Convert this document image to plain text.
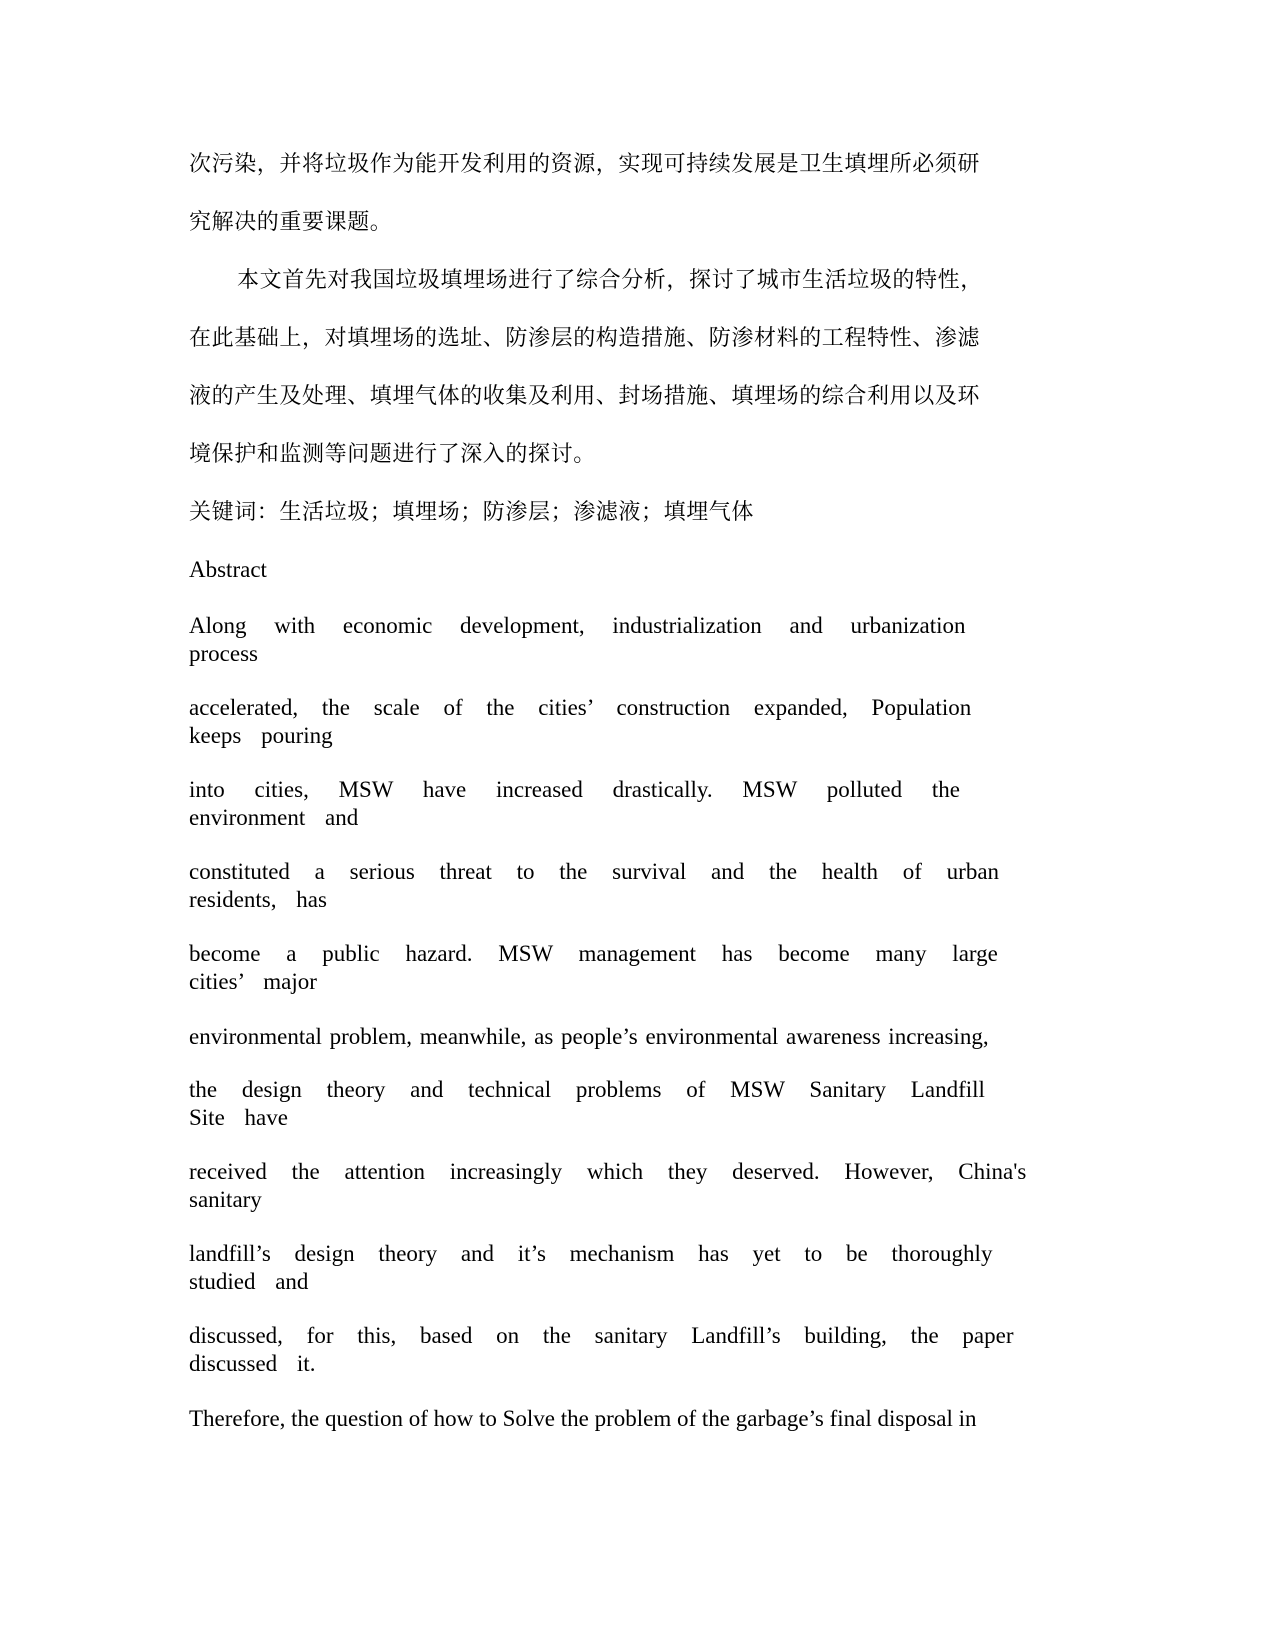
次污染，并将垃圾作为能开发利用的资源，实现可持续发展是卫生填埋所必须研

究解决的重要课题。

本文首先对我国垃圾填埋场进行了综合分析，探讨了城市生活垃圾的特性，

在此基础上，对填埋场的选址、防渗层的构造措施、防渗材料的工程特性、渗滤

液的产生及处理、填埋气体的收集及利用、封场措施、填埋场的综合利用以及环

境保护和监测等问题进行了深入的探讨。

关键词：生活垃圾；填埋场；防渗层；渗滤液；填埋气体

Abstract

Along with economic development, industrialization and urbanization
process
accelerated, the scale of the cities’ construction expanded, Population
keeps pouring
into cities, MSW have increased drastically. MSW polluted the
environment and
constituted a serious threat to the survival and the health of urban
residents, has
become a public hazard. MSW management has become many large
cities’ major

environmental problem, meanwhile, as people’s environmental awareness increasing,

the design theory and technical problems of MSW Sanitary Landfill
Site have
received the attention increasingly which they deserved. However, China's
sanitary
landfill’s design theory and it’s mechanism has yet to be thoroughly
studied and
discussed, for this, based on the sanitary Landfill’s building, the paper
discussed it.

Therefore, the question of how to Solve the problem of the garbage’s final disposal in
